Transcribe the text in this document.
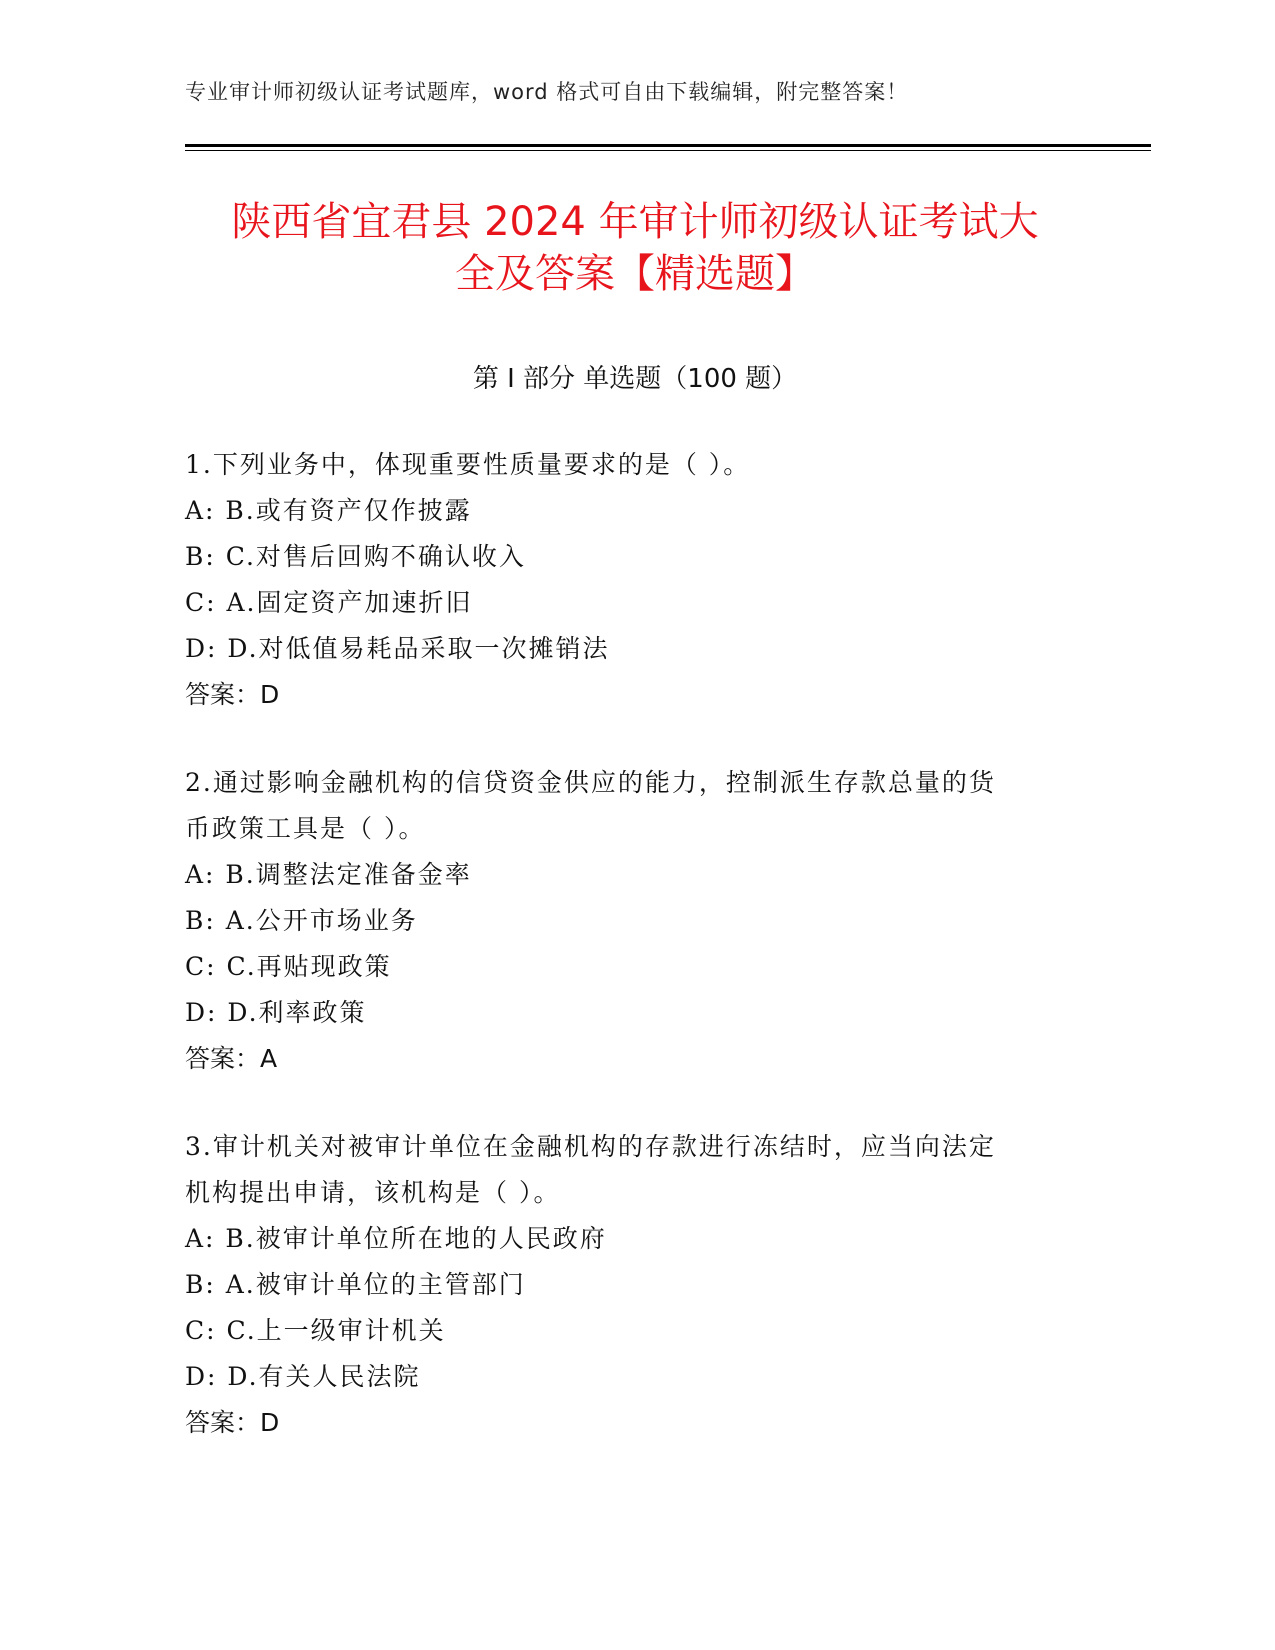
专业审计师初级认证考试题库，word 格式可自由下载编辑，附完整答案！
陕西省宜君县 2024 年审计师初级认证考试大
全及答案【精选题】
第 I 部分 单选题（100 题）
1.下列业务中，体现重要性质量要求的是（ ）。
A: B.或有资产仅作披露
B: C.对售后回购不确认收入
C: A.固定资产加速折旧
D: D.对低值易耗品采取一次摊销法
答案：D
2.通过影响金融机构的信贷资金供应的能力，控制派生存款总量的货
币政策工具是（ ）。
A: B.调整法定准备金率
B: A.公开市场业务
C: C.再贴现政策
D: D.利率政策
答案：A
3.审计机关对被审计单位在金融机构的存款进行冻结时，应当向法定
机构提出申请，该机构是（ ）。
A: B.被审计单位所在地的人民政府
B: A.被审计单位的主管部门
C: C.上一级审计机关
D: D.有关人民法院
答案：D
